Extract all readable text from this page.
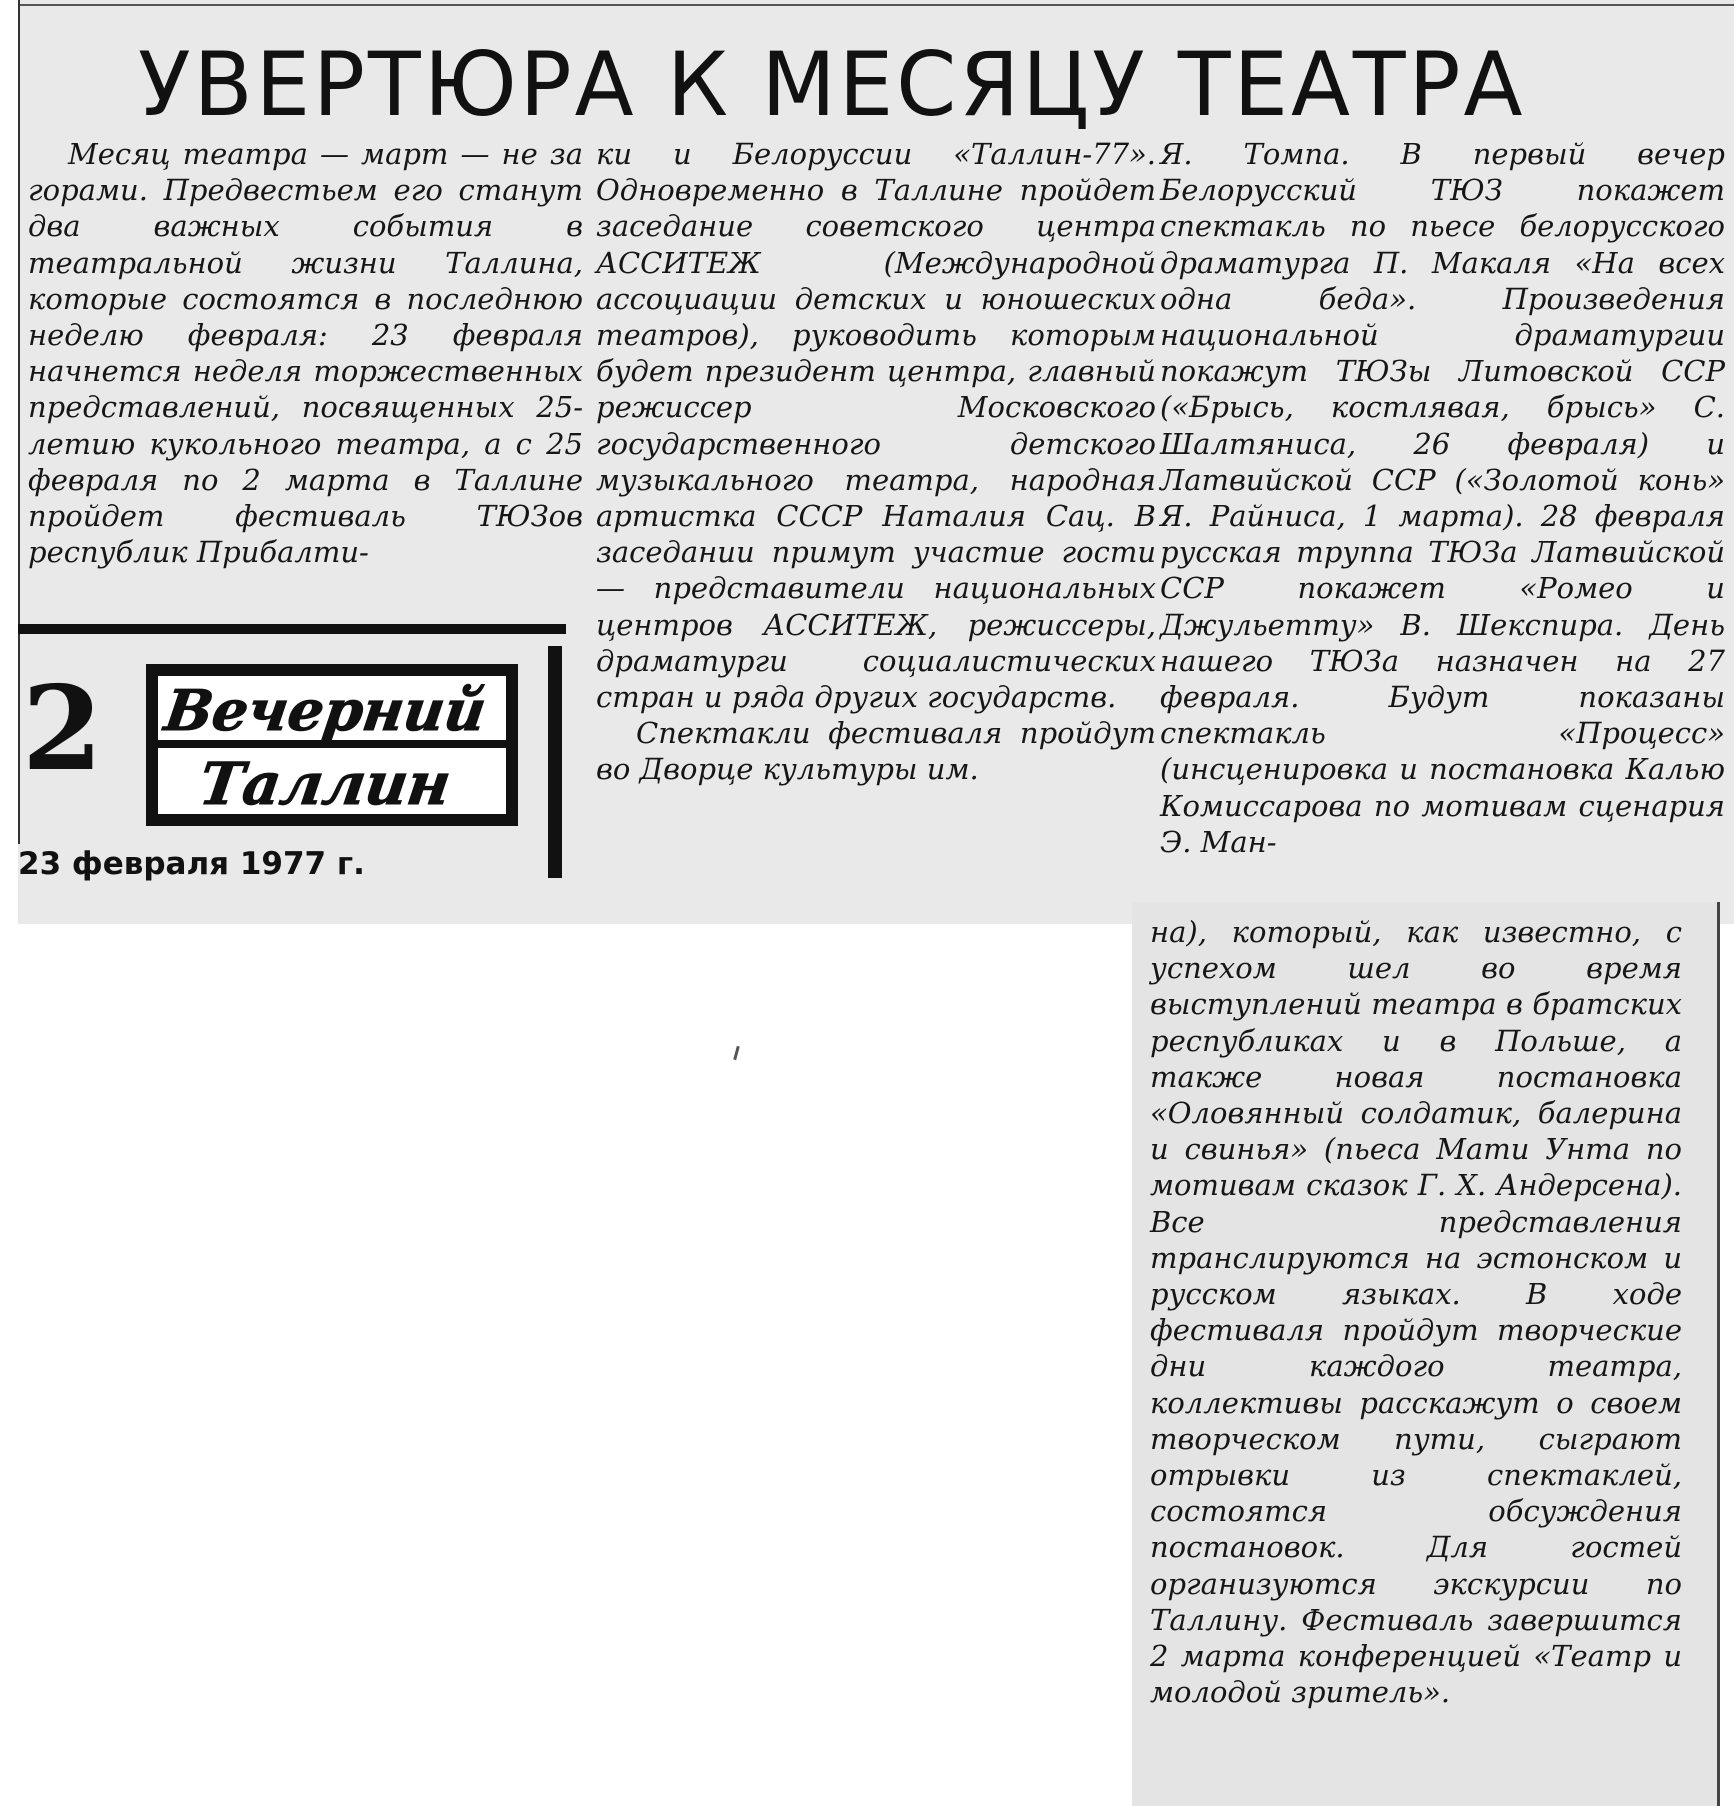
УВЕРТЮРА К МЕСЯЦУ ТЕАТРА

Месяц театра — март — не за горами. Предвестьем его станут два важных события в театральной жизни Таллина, которые состоятся в последнюю неделю февраля: 23 февраля начнется неделя торжественных представлений, посвященных 25-летию кукольного театра, а с 25 февраля по 2 марта в Таллине пройдет фестиваль ТЮЗов республик Прибалти-

ки и Белоруссии «Таллин-77». Одновременно в Таллине пройдет заседание советского центра АССИТЕЖ (Международной ассоциации детских и юношеских театров), руководить которым будет президент центра, главный режиссер Московского государственного детского музыкального театра, народная артистка СССР Наталия Сац. В заседании примут участие гости — представители национальных центров АССИТЕЖ, режиссеры, драматурги социалистических стран и ряда других государств.

Спектакли фестиваля пройдут во Дворце культуры им.

Я. Томпа. В первый вечер Белорусский ТЮЗ покажет спектакль по пьесе белорусского драматурга П. Макаля «На всех одна беда». Произведения национальной драматургии покажут ТЮЗы Литовской ССР («Брысь, костлявая, брысь» С. Шалтяниса, 26 февраля) и Латвийской ССР («Золотой конь» Я. Райниса, 1 марта). 28 февраля русская труппа ТЮЗа Латвийской ССР покажет «Ромео и Джульетту» В. Шекспира. День нашего ТЮЗа назначен на 27 февраля. Будут показаны спектакль «Процесс» (инсценировка и постановка Калью Комиссарова по мотивам сценария Э. Ман-

2 Вечерний
Таллин
23 февраля 1977 г.

на), который, как известно, с успехом шел во время выступлений театра в братских республиках и в Польше, а также новая постановка «Оловянный солдатик, балерина и свинья» (пьеса Мати Унта по мотивам сказок Г. Х. Андерсена). Все представления транслируются на эстонском и русском языках. В ходе фестиваля пройдут творческие дни каждого театра, коллективы расскажут о своем творческом пути, сыграют отрывки из спектаклей, состоятся обсуждения постановок. Для гостей организуются экскурсии по Таллину. Фестиваль завершится 2 марта конференцией «Театр и молодой зритель».
